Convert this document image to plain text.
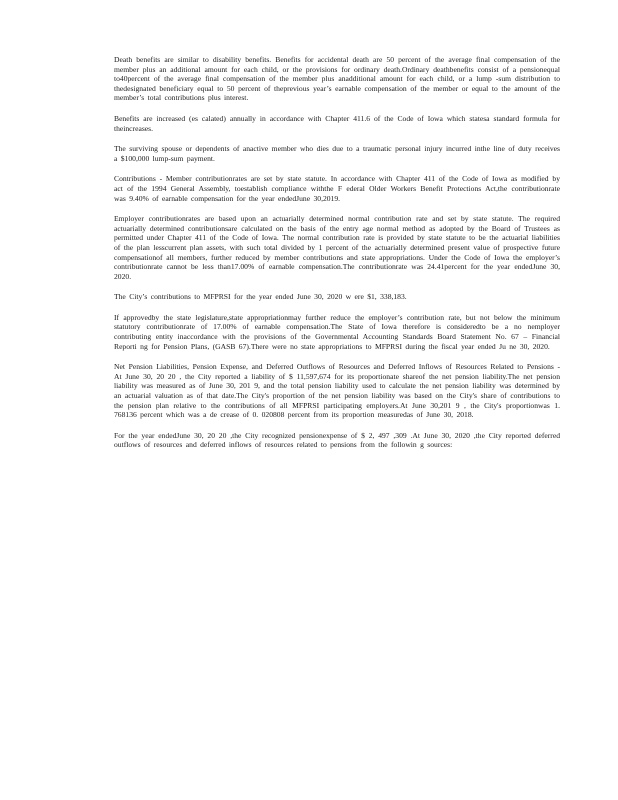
Death benefits are similar to disability benefits. Benefits for accidental death are 50 percent of the average final compensation of the member plus an additional amount for each child, or the provisions for ordinary death.Ordinary deathbenefits consist of a pensionequal to40percent of the average final compensation of the member plus anadditional amount for each child, or a lump -sum distribution to thedesignated beneficiary equal to 50 percent of theprevious year’s earnable compensation of the member or equal to the amount of the member’s total contributions plus interest.

Benefits are increased (es calated) annually in accordance with Chapter 411.6 of the Code of Iowa which statesa standard formula for theincreases.

The surviving spouse or dependents of anactive member who dies due to a traumatic personal injury incurred inthe line of duty receives a $100,000 lump-sum payment.

Contributions - Member contributionrates are set by state statute. In accordance with Chapter 411 of the Code of Iowa as modified by act of the 1994 General Assembly, toestablish compliance withthe F ederal Older Workers Benefit Protections Act,the contributionrate was 9.40% of earnable compensation for the year endedJune 30,2019.

Employer contributionrates are based upon an actuarially determined normal contribution rate and set by state statute. The required actuarially determined contributionsare calculated on the basis of the entry age normal method as adopted by the Board of Trustees as permitted under Chapter 411 of the Code of Iowa. The normal contribution rate is provided by state statute to be the actuarial liabilities of the plan lesscurrent plan assets, with such total divided by 1 percent of the actuarially determined present value of prospective future compensationof all members, further reduced by member contributions and state appropriations. Under the Code of Iowa the employer’s contributionrate cannot be less than17.00% of earnable compensation.The contributionrate was 24.41percent for the year endedJune 30, 2020.

The City’s contributions to MFPRSI for the year ended June 30, 2020 w ere $1, 338,183.

If approvedby the state legislature,state appropriationmay further reduce the employer’s contribution rate, but not below the minimum statutory contributionrate of 17.00% of earnable compensation.The State of Iowa therefore is consideredto be a no nemployer contributing entity inaccordance with the provisions of the Governmental Accounting Standards Board Statement No. 67 – Financial Reporti ng for Pension Plans, (GASB 67).There were no state appropriations to MFPRSI during the fiscal year ended Ju ne 30, 2020.

Net Pension Liabilities, Pension Expense, and Deferred Outflows of Resources and Deferred Inflows of Resources Related to Pensions - At June 30, 20 20 , the City reported a liability of $ 11,597,674 for its proportionate shareof the net pension liability.The net pension liability was measured as of June 30, 201 9, and the total pension liability used to calculate the net pension liability was determined by an actuarial valuation as of that date.The City's proportion of the net pension liability was based on the City's share of contributions to the pension plan relative to the contributions of all MFPRSI participating employers.At June 30,201 9 , the City's proportionwas 1. 768136 percent which was a de crease of 0. 020808 percent from its proportion measuredas of June 30, 2018.

For the year endedJune 30, 20 20 ,the City recognized pensionexpense of $ 2, 497 ,309 .At June 30, 2020 ,the City reported deferred outflows of resources and deferred inflows of resources related to pensions from the followin g sources:
